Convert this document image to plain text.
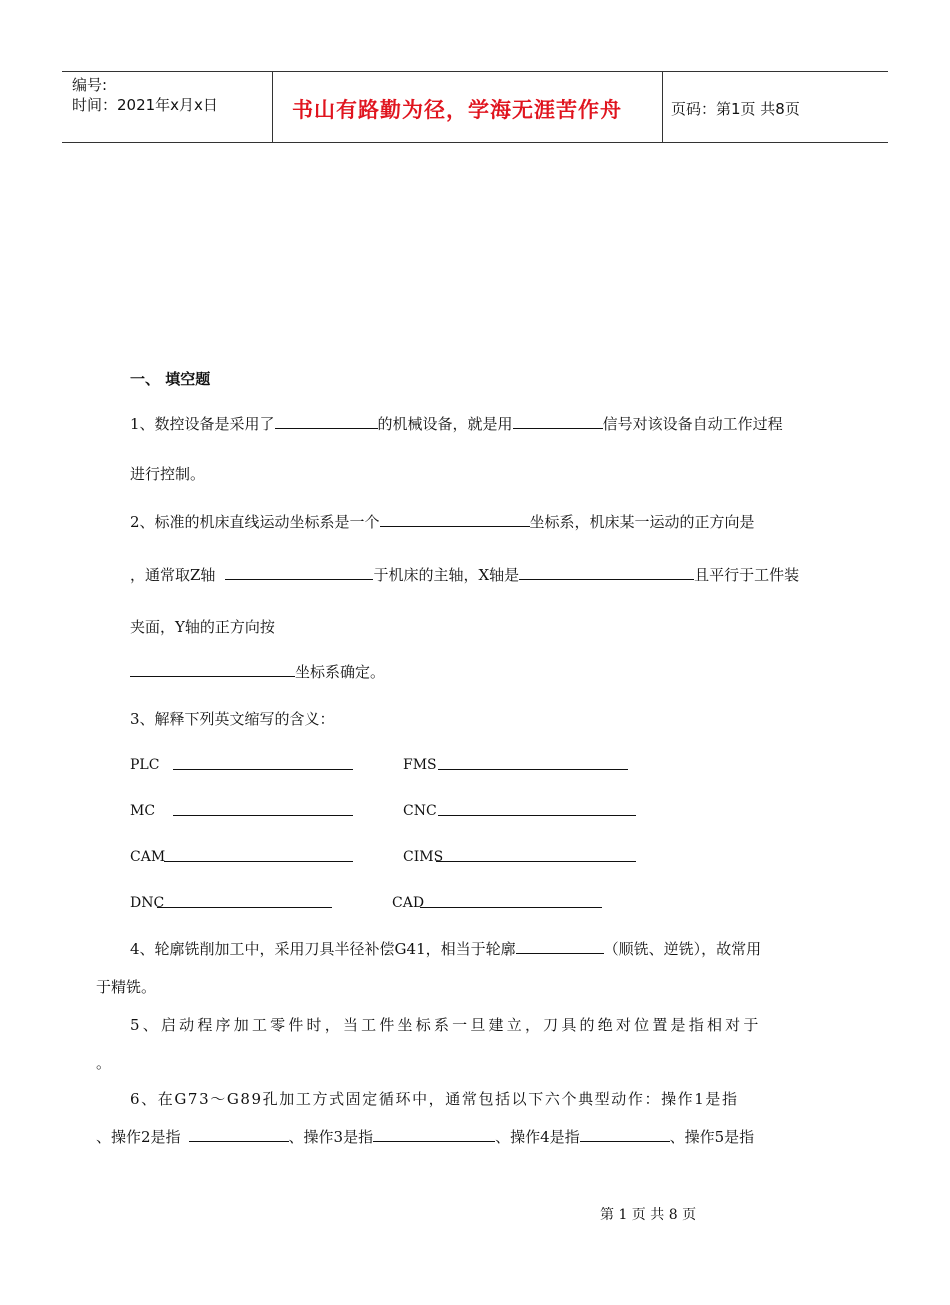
编号:
时间：2021年x月x日	书山有路勤为径，学海无涯苦作舟	页码：第1页 共8页
一、 填空题
1、数控设备是采用了	的机械设备，就是用	信号对该设备自动工作过程
进行控制。
2、标准的机床直线运动坐标系是一个	坐标系，机床某一运动的正方向是
，通常取Z轴	于机床的主轴，X轴是	且平行于工件装
夹面，Y轴的正方向按
坐标系确定。
3、解释下列英文缩写的含义：
PLC	FMS
MC	CNC
CAM	CIMS
DNC	CAD
4、轮廓铣削加工中，采用刀具半径补偿G41，相当于轮廓	（顺铣、逆铣），故常用
于精铣。
5、启动程序加工零件时，当工件坐标系一旦建立，刀具的绝对位置是指相对于
。
6、在G73～G89孔加工方式固定循环中，通常包括以下六个典型动作：操作1是指
、操作2是指	、操作3是指	、操作4是指	、操作5是指
第 1 页 共 8 页
